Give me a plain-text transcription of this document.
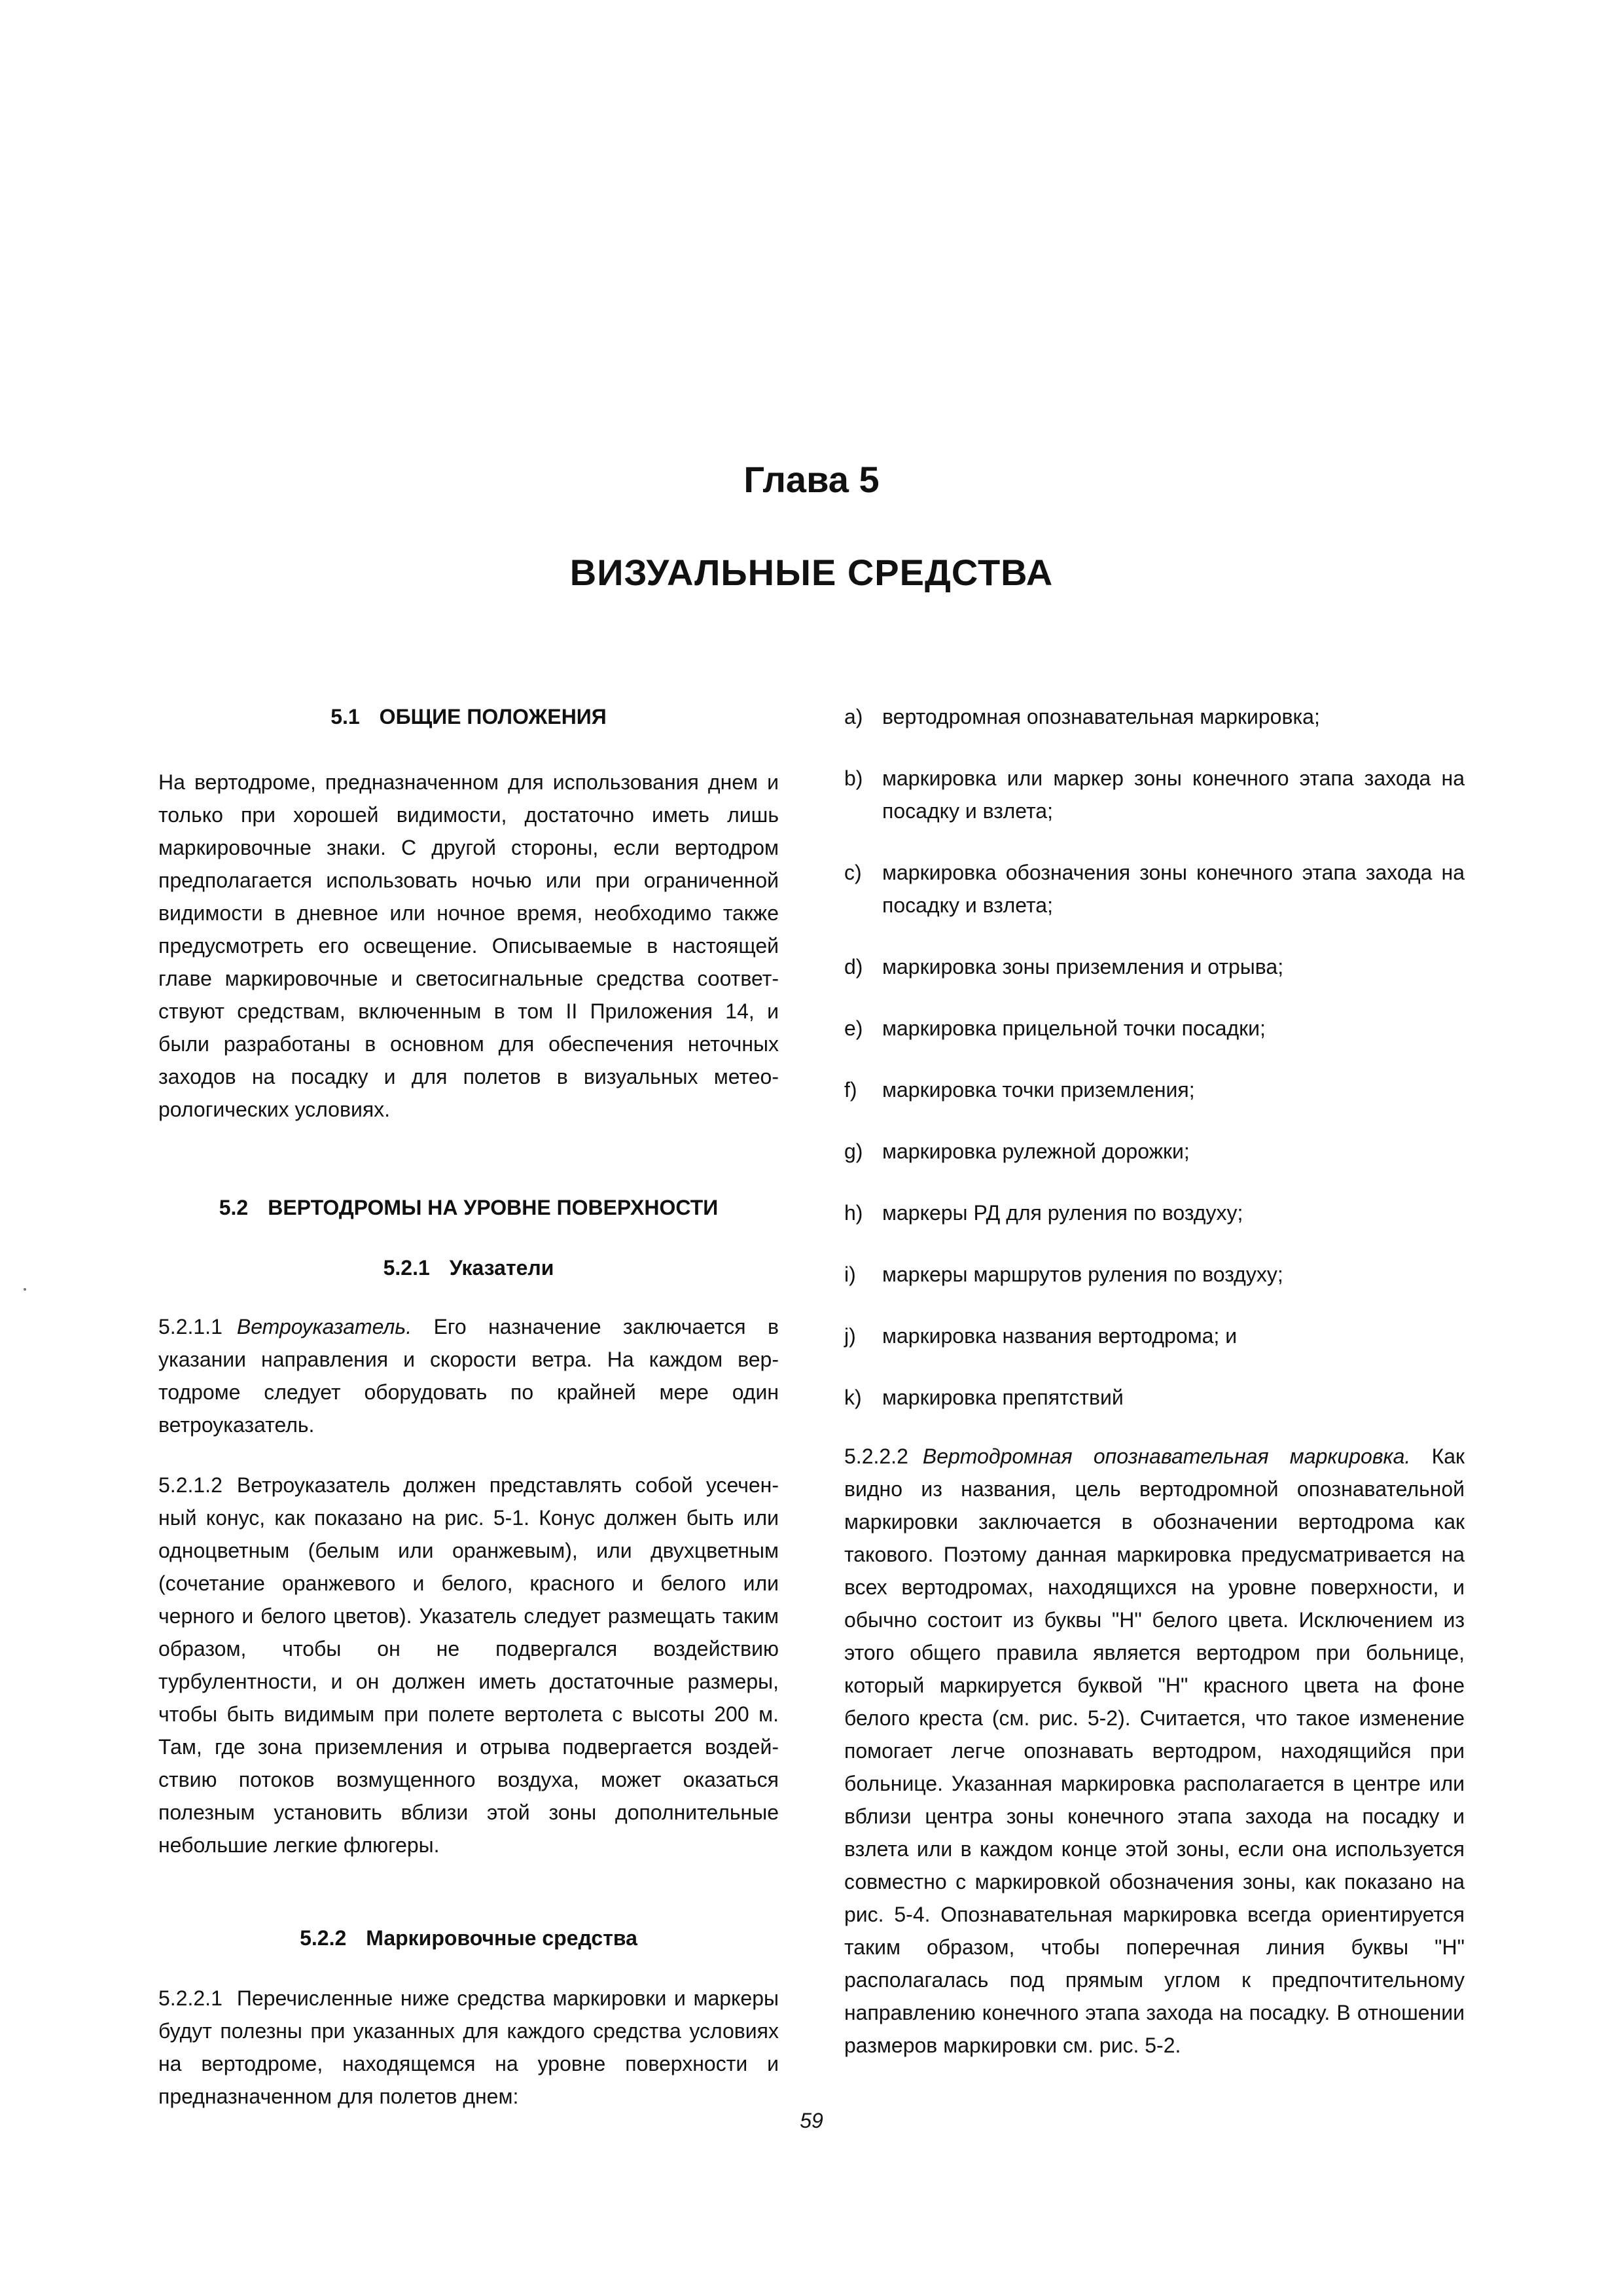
Глава 5
ВИЗУАЛЬНЫЕ СРЕДСТВА
5.1 ОБЩИЕ ПОЛОЖЕНИЯ

На вертодроме, предназначенном для использования днем и только при хорошей видимости, достаточно иметь лишь маркировочные знаки. С другой стороны, если вертодром предполагается использовать ночью или при ограниченной видимости в дневное или ночное время, необходимо также предусмотреть его освещение. Описываемые в настоящей главе маркировочные и светосигнальные средства соответствуют средствам, включенным в том II Приложения 14, и были разработаны в основном для обеспечения неточных заходов на посадку и для полетов в визуальных метеорологических условиях.

5.2 ВЕРТОДРОМЫ НА УРОВНЕ ПОВЕРХНОСТИ
5.2.1 Указатели

5.2.1.1 Ветроуказатель. Его назначение заключается в указании направления и скорости ветра. На каждом вертодроме следует оборудовать по крайней мере один ветроуказатель.

5.2.1.2 Ветроуказатель должен представлять собой усеченный конус, как показано на рис. 5-1. Конус должен быть или одноцветным (белым или оранжевым), или двухцветным (сочетание оранжевого и белого, красного и белого или черного и белого цветов). Указатель следует размещать таким образом, чтобы он не подвергался воздействию турбулентности, и он должен иметь достаточные размеры, чтобы быть видимым при полете вертолета с высоты 200 м. Там, где зона приземления и отрыва подвергается воздействию потоков возмущенного воздуха, может оказаться полезным установить вблизи этой зоны дополнительные небольшие легкие флюгеры.

5.2.2 Маркировочные средства

5.2.2.1 Перечисленные ниже средства маркировки и маркеры будут полезны при указанных для каждого средства условиях на вертодроме, находящемся на уровне поверхности и предназначенном для полетов днем:

a) вертодромная опознавательная маркировка;
b) маркировка или маркер зоны конечного этапа захода на посадку и взлета;
c) маркировка обозначения зоны конечного этапа захода на посадку и взлета;
d) маркировка зоны приземления и отрыва;
e) маркировка прицельной точки посадки;
f)	маркировка точки приземления;
g) маркировка рулежной дорожки;
h) маркеры РД для руления по воздуху;
i)	маркеры маршрутов руления по воздуху;
j)	маркировка названия вертодрома; и
k) маркировка препятствий

5.2.2.2 Вертодромная опознавательная маркировка. Как видно из названия, цель вертодромной опознавательной маркировки заключается в обозначении вертодрома как такового. Поэтому данная маркировка предусматривается на всех вертодромах, находящихся на уровне поверхности, и обычно состоит из буквы "Н" белого цвета. Исключением из этого общего правила является вертодром при больнице, который маркируется буквой "Н" красного цвета на фоне белого креста (см. рис. 5-2). Считается, что такое изменение помогает легче опознавать вертодром, находящийся при больнице. Указанная маркировка располагается в центре или вблизи центра зоны конечного этапа захода на посадку и взлета или в каждом конце этой зоны, если она используется совместно с маркировкой обозначения зоны, как показано на рис. 5-4. Опознавательная маркировка всегда ориентируется таким образом, чтобы поперечная линия буквы "Н" располагалась под прямым углом к предпочтительному направлению конечного этапа захода на посадку. В отношении размеров маркировки см. рис. 5-2.

59
